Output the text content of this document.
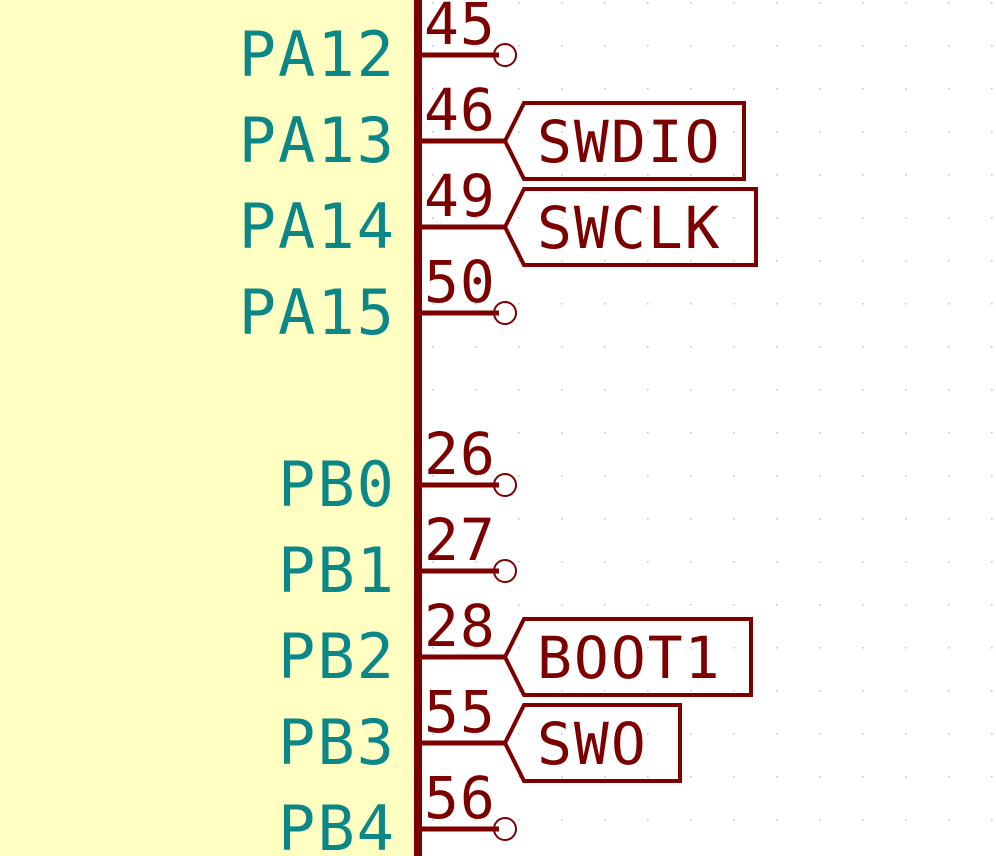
PA12 45
PA13 46 SWDIO
PA14 49 SWCLK
PA15 50
PB0 26
PB1 27
PB2 28 BOOT1
PB3 55 SWO
PB4 56
